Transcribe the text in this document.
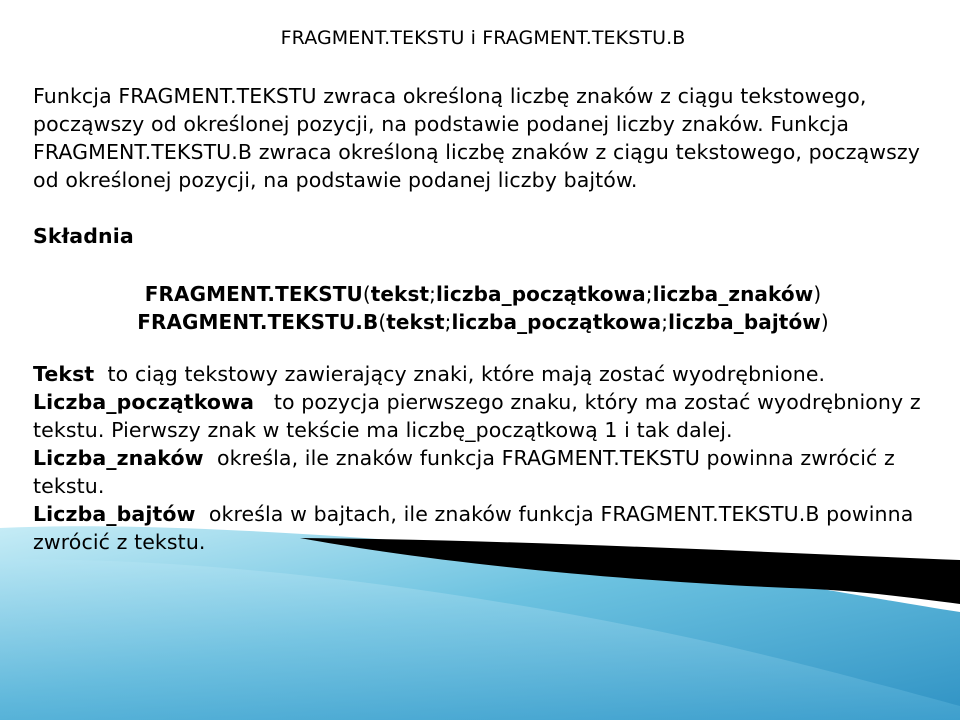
FRAGMENT.TEKSTU i FRAGMENT.TEKSTU.B

Funkcja FRAGMENT.TEKSTU zwraca określoną liczbę znaków z ciągu tekstowego, począwszy od określonej pozycji, na podstawie podanej liczby znaków. Funkcja FRAGMENT.TEKSTU.B zwraca określoną liczbę znaków z ciągu tekstowego, począwszy od określonej pozycji, na podstawie podanej liczby bajtów.

Składnia
FRAGMENT.TEKSTU(tekst;liczba_początkowa;liczba_znaków)
FRAGMENT.TEKSTU.B(tekst;liczba_początkowa;liczba_bajtów)

Tekst to ciąg tekstowy zawierający znaki, które mają zostać wyodrębnione.

Liczba_początkowa to pozycja pierwszego znaku, który ma zostać wyodrębniony z tekstu. Pierwszy znak w tekście ma liczbę_początkową 1 i tak dalej.

Liczba_znaków określa, ile znaków funkcja FRAGMENT.TEKSTU powinna zwrócić z tekstu.

Liczba_bajtów określa w bajtach, ile znaków funkcja FRAGMENT.TEKSTU.B powinna zwrócić z tekstu.
